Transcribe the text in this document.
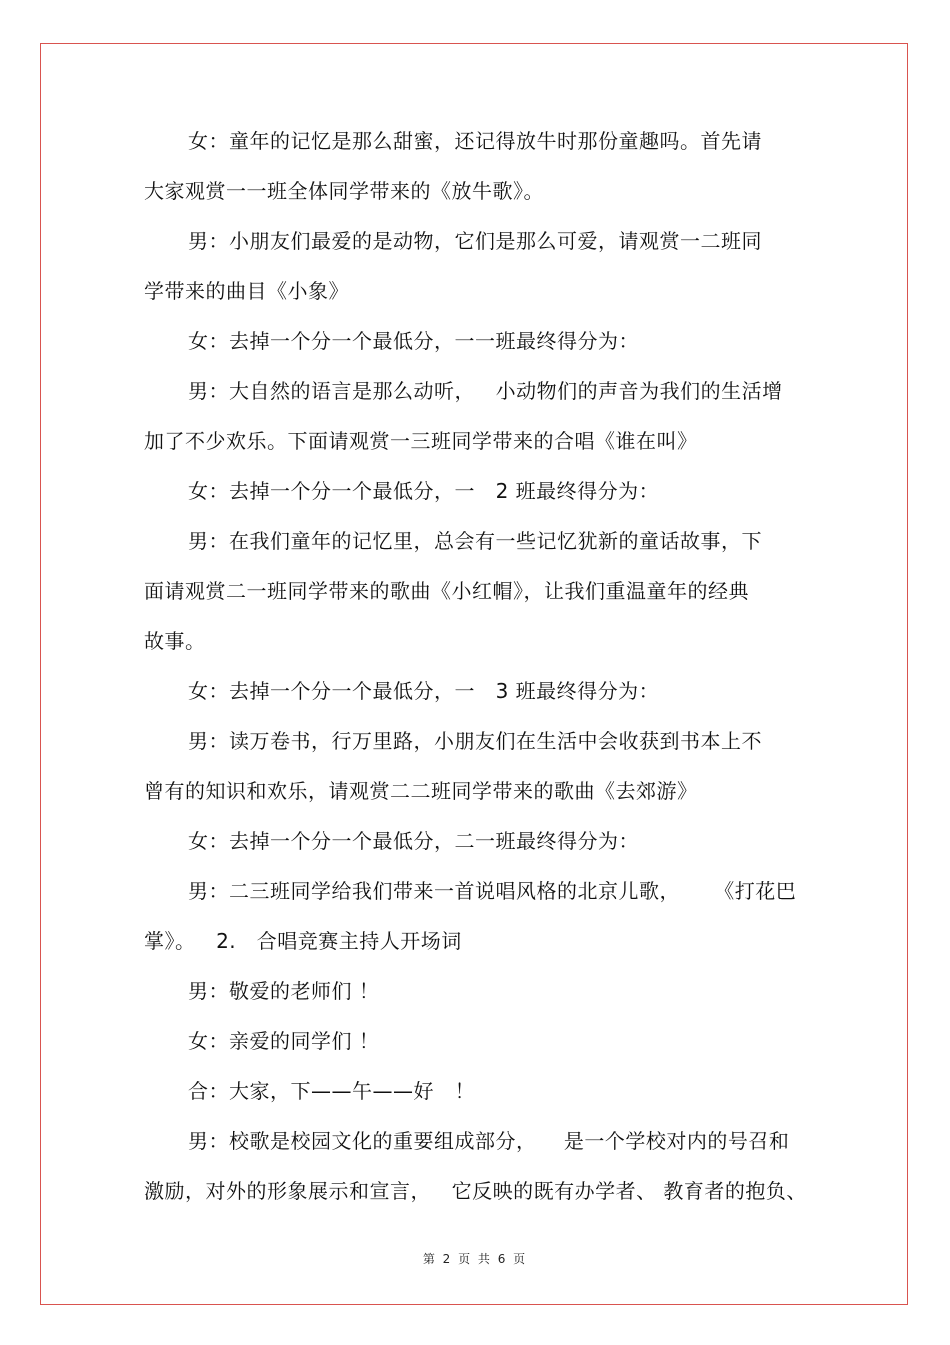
女：童年的记忆是那么甜蜜，还记得放牛时那份童趣吗。首先请
大家观赏一一班全体同学带来的《放牛歌》。
男：小朋友们最爱的是动物，它们是那么可爱，请观赏一二班同
学带来的曲目《小象》
女：去掉一个分一个最低分，一一班最终得分为：
男：大自然的语言是那么动听，   小动物们的声音为我们的生活增
加了不少欢乐。下面请观赏一三班同学带来的合唱《谁在叫》
女：去掉一个分一个最低分，一   2 班最终得分为：
男：在我们童年的记忆里，总会有一些记忆犹新的童话故事，下
面请观赏二一班同学带来的歌曲《小红帽》，让我们重温童年的经典
故事。
女：去掉一个分一个最低分，一   3 班最终得分为：
男：读万卷书，行万里路，小朋友们在生活中会收获到书本上不
曾有的知识和欢乐，请观赏二二班同学带来的歌曲《去郊游》
女：去掉一个分一个最低分，二一班最终得分为：
男：二三班同学给我们带来一首说唱风格的北京儿歌，     《打花巴
掌》。   2.   合唱竞赛主持人开场词
男：敬爱的老师们 ！
女：亲爱的同学们 ！
合：大家，下——午——好   ！
男：校歌是校园文化的重要组成部分，    是一个学校对内的号召和
激励，对外的形象展示和宣言，   它反映的既有办学者、 教育者的抱负、
第 2 页 共 6 页
